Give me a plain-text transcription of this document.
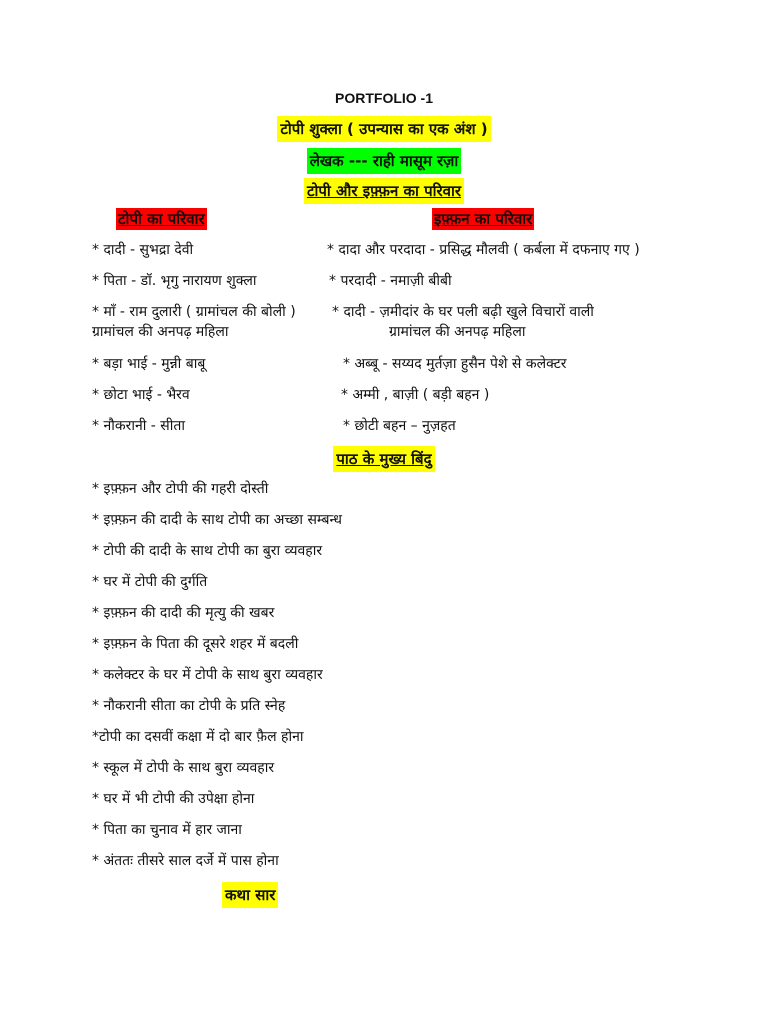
PORTFOLIO -1
टोपी शुक्ला ( उपन्यास का एक अंश )
लेखक --- राही मासूम रज़ा
टोपी और इफ़्फ़न का परिवार
टोपी का परिवार	इफ़्फ़न का परिवार
* दादी - सुभद्रा देवी
* पिता - डॉ. भृगु नारायण शुक्ला
* माँ - राम दुलारी ( ग्रामांचल की बोली )
ग्रामांचल की अनपढ़ महिला
* बड़ा भाई - मुन्नी बाबू
* छोटा भाई - भैरव
* नौकरानी - सीता
* दादा और परदादा - प्रसिद्ध मौलवी ( कर्बला में दफनाए गए )
* परदादी - नमाज़ी बीबी
* दादी - ज़मीदांर के घर पली बढ़ी खुले विचारों वाली
ग्रामांचल की अनपढ़ महिला
* अब्बू - सय्यद मुर्तज़ा हुसैन पेशे से कलेक्टर
* अम्मी , बाज़ी ( बड़ी बहन )
* छोटी बहन – नुज़हत
पाठ के मुख्य बिंदु
* इफ़्फ़न और टोपी की गहरी दोस्ती
* इफ़्फ़न की दादी के साथ टोपी का अच्छा सम्बन्ध
* टोपी की दादी के साथ टोपी का बुरा व्यवहार
* घर में टोपी की दुर्गति
* इफ़्फ़न की दादी की मृत्यु की खबर
* इफ़्फ़न के पिता की दूसरे शहर में बदली
* कलेक्टर के घर में टोपी के साथ बुरा व्यवहार
* नौकरानी सीता का टोपी के प्रति स्नेह
*टोपी का दसवीं कक्षा में दो बार फ़ैल होना
* स्कूल में टोपी के साथ बुरा व्यवहार
* घर में भी टोपी की उपेक्षा होना
* पिता का चुनाव में हार जाना
* अंततः तीसरे साल दर्जे में पास होना
कथा सार
